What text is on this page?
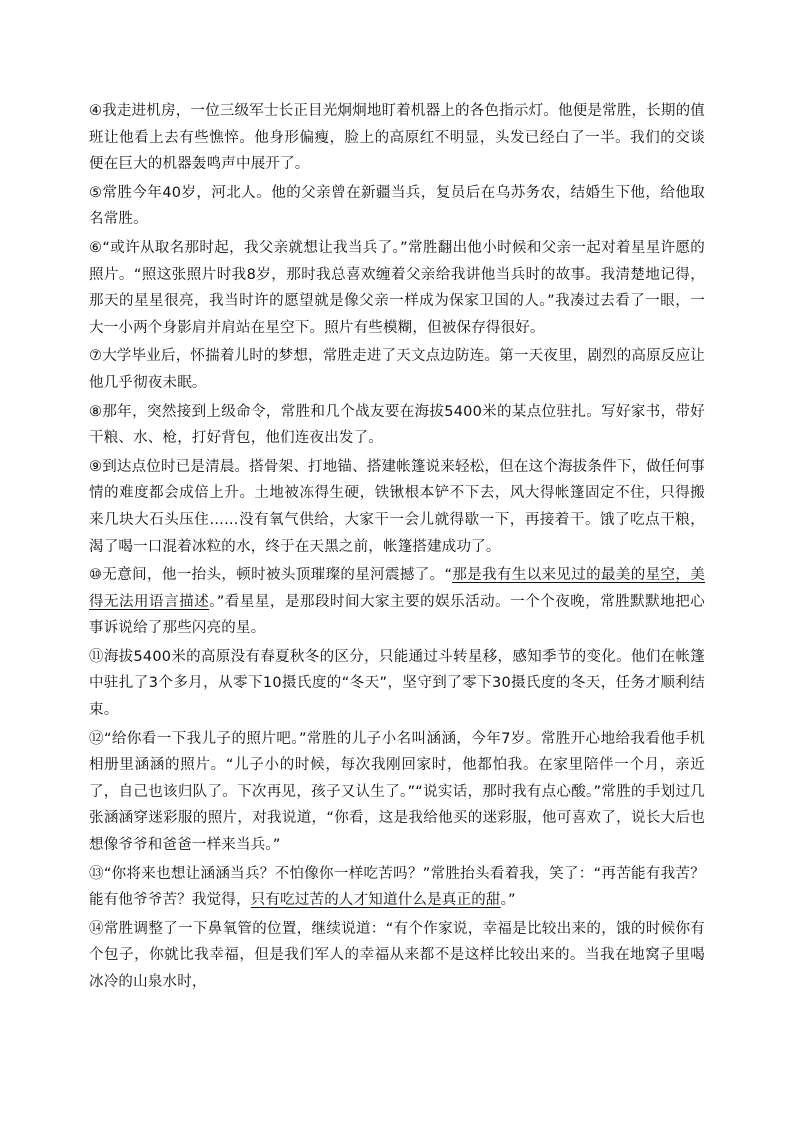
④我走进机房，一位三级军士长正目光炯炯地盯着机器上的各色指示灯。他便是常胜，长期的值班让他看上去有些憔悴。他身形偏瘦，脸上的高原红不明显，头发已经白了一半。我们的交谈便在巨大的机器轰鸣声中展开了。

⑤常胜今年40岁，河北人。他的父亲曾在新疆当兵，复员后在乌苏务农，结婚生下他，给他取名常胜。

⑥“或许从取名那时起，我父亲就想让我当兵了。”常胜翻出他小时候和父亲一起对着星星许愿的照片。“照这张照片时我8岁，那时我总喜欢缠着父亲给我讲他当兵时的故事。我清楚地记得，那天的星星很亮，我当时许的愿望就是像父亲一样成为保家卫国的人。”我凑过去看了一眼，一大一小两个身影肩并肩站在星空下。照片有些模糊，但被保存得很好。

⑦大学毕业后，怀揣着儿时的梦想，常胜走进了天文点边防连。第一天夜里，剧烈的高原反应让他几乎彻夜未眠。

⑧那年，突然接到上级命令，常胜和几个战友要在海拔5400米的某点位驻扎。写好家书，带好干粮、水、枪，打好背包，他们连夜出发了。

⑨到达点位时已是清晨。搭骨架、打地锚、搭建帐篷说来轻松，但在这个海拔条件下，做任何事情的难度都会成倍上升。土地被冻得生硬，铁锹根本铲不下去，风大得帐篷固定不住，只得搬来几块大石头压住……没有氧气供给，大家干一会儿就得歇一下，再接着干。饿了吃点干粮，渴了喝一口混着冰粒的水，终于在天黑之前，帐篷搭建成功了。

⑩无意间，他一抬头，顿时被头顶璀璨的星河震撼了。“那是我有生以来见过的最美的星空，美得无法用语言描述。”看星星，是那段时间大家主要的娱乐活动。一个个夜晚，常胜默默地把心事诉说给了那些闪亮的星。

⑪海拔5400米的高原没有春夏秋冬的区分，只能通过斗转星移，感知季节的变化。他们在帐篷中驻扎了3个多月，从零下10摄氏度的“冬天”，坚守到了零下30摄氏度的冬天，任务才顺利结束。

⑫“给你看一下我儿子的照片吧。”常胜的儿子小名叫涵涵，今年7岁。常胜开心地给我看他手机相册里涵涵的照片。“儿子小的时候，每次我刚回家时，他都怕我。在家里陪伴一个月，亲近了，自己也该归队了。下次再见，孩子又认生了。”“说实话，那时我有点心酸。”常胜的手划过几张涵涵穿迷彩服的照片，对我说道，“你看，这是我给他买的迷彩服，他可喜欢了，说长大后也想像爷爷和爸爸一样来当兵。”

⑬“你将来也想让涵涵当兵？不怕像你一样吃苦吗？”常胜抬头看着我，笑了：“再苦能有我苦？能有他爷爷苦？我觉得，只有吃过苦的人才知道什么是真正的甜。”

⑭常胜调整了一下鼻氧管的位置，继续说道：“有个作家说，幸福是比较出来的，饿的时候你有个包子，你就比我幸福，但是我们军人的幸福从来都不是这样比较出来的。当我在地窝子里喝冰冷的山泉水时，
